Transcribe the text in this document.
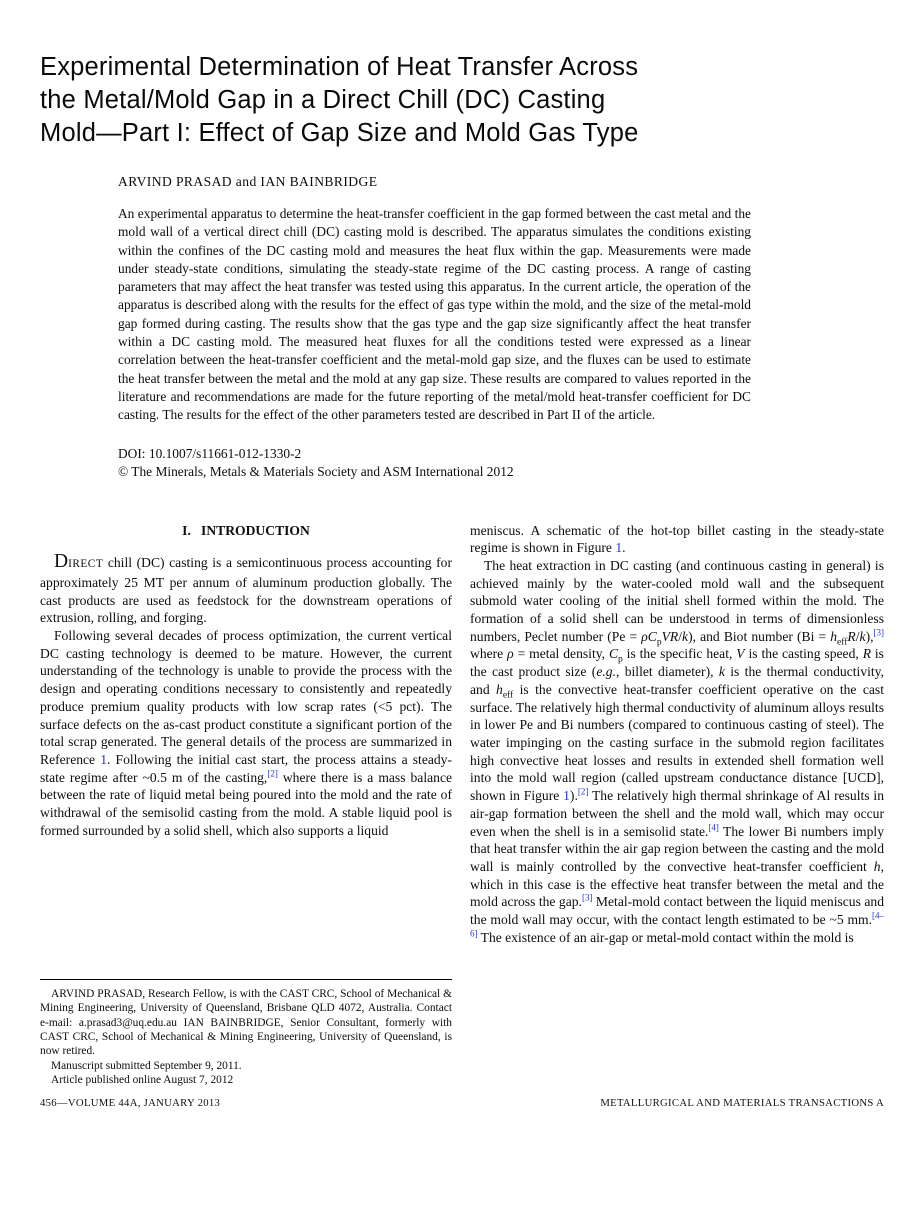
Experimental Determination of Heat Transfer Across
the Metal/Mold Gap in a Direct Chill (DC) Casting
Mold—Part I: Effect of Gap Size and Mold Gas Type
ARVIND PRASAD and IAN BAINBRIDGE
An experimental apparatus to determine the heat-transfer coefficient in the gap formed between the cast metal and the mold wall of a vertical direct chill (DC) casting mold is described. The apparatus simulates the conditions existing within the confines of the DC casting mold and measures the heat flux within the gap. Measurements were made under steady-state conditions, simulating the steady-state regime of the DC casting process. A range of casting parameters that may affect the heat transfer was tested using this apparatus. In the current article, the operation of the apparatus is described along with the results for the effect of gas type within the mold, and the size of the metal-mold gap formed during casting. The results show that the gas type and the gap size significantly affect the heat transfer within a DC casting mold. The measured heat fluxes for all the conditions tested were expressed as a linear correlation between the heat-transfer coefficient and the metal-mold gap size, and the fluxes can be used to estimate the heat transfer between the metal and the mold at any gap size. These results are compared to values reported in the literature and recommendations are made for the future reporting of the metal/mold heat-transfer coefficient for DC casting. The results for the effect of the other parameters tested are described in Part II of the article.
DOI: 10.1007/s11661-012-1330-2
© The Minerals, Metals & Materials Society and ASM International 2012
I.   INTRODUCTION

DIRECT chill (DC) casting is a semicontinuous process accounting for approximately 25 MT per annum of aluminum production globally. The cast products are used as feedstock for the downstream operations of extrusion, rolling, and forging.

Following several decades of process optimization, the current vertical DC casting technology is deemed to be mature. However, the current understanding of the technology is unable to provide the process with the design and operating conditions necessary to consistently and repeatedly produce premium quality products with low scrap rates (<5 pct). The surface defects on the as-cast product constitute a significant portion of the total scrap generated. The general details of the process are summarized in Reference 1. Following the initial cast start, the process attains a steady-state regime after ~0.5 m of the casting,[2] where there is a mass balance between the rate of liquid metal being poured into the mold and the rate of withdrawal of the semisolid casting from the mold. A stable liquid pool is formed surrounded by a solid shell, which also supports a liquid

ARVIND PRASAD, Research Fellow, is with the CAST CRC, School of Mechanical & Mining Engineering, University of Queensland, Brisbane QLD 4072, Australia. Contact e-mail: a.prasad3@uq.edu.au IAN BAINBRIDGE, Senior Consultant, formerly with CAST CRC, School of Mechanical & Mining Engineering, University of Queensland, is now retired.

Manuscript submitted September 9, 2011.

Article published online August 7, 2012

meniscus. A schematic of the hot-top billet casting in the steady-state regime is shown in Figure 1.

The heat extraction in DC casting (and continuous casting in general) is achieved mainly by the water-cooled mold wall and the subsequent submold water cooling of the initial shell formed within the mold. The formation of a solid shell can be understood in terms of dimensionless numbers, Peclet number $(Pe = \rho C_pVR/k)$, and Biot number $(Bi = h_{eff}R/k),[3]$ where ρ = metal density, $C_p$ is the specific heat, V is the casting speed, R is the cast product size (e.g., billet diameter), k is the thermal conductivity, and $h_{eff}$ is the convective heat-transfer coefficient operative on the cast surface. The relatively high thermal conductivity of aluminum alloys results in lower Pe and Bi numbers (compared to continuous casting of steel). The water impinging on the casting surface in the submold region facilitates high convective heat losses and results in extended shell formation well into the mold wall region (called upstream conductance distance [UCD], shown in Figure 1).[2] The relatively high thermal shrinkage of Al results in air-gap formation between the shell and the mold wall, which may occur even when the shell is in a semisolid state.[4] The lower Bi numbers imply that heat transfer within the air gap region between the casting and the mold wall is mainly controlled by the convective heat-transfer coefficient h, which in this case is the effective heat transfer between the metal and the mold across the gap.[3] Metal-mold contact between the liquid meniscus and the mold wall may occur, with the contact length estimated to be ~5 mm.[4–6] The existence of an air-gap or metal-mold contact within the mold is

456—VOLUME 44A, JANUARY 2013	METALLURGICAL AND MATERIALS TRANSACTIONS A
